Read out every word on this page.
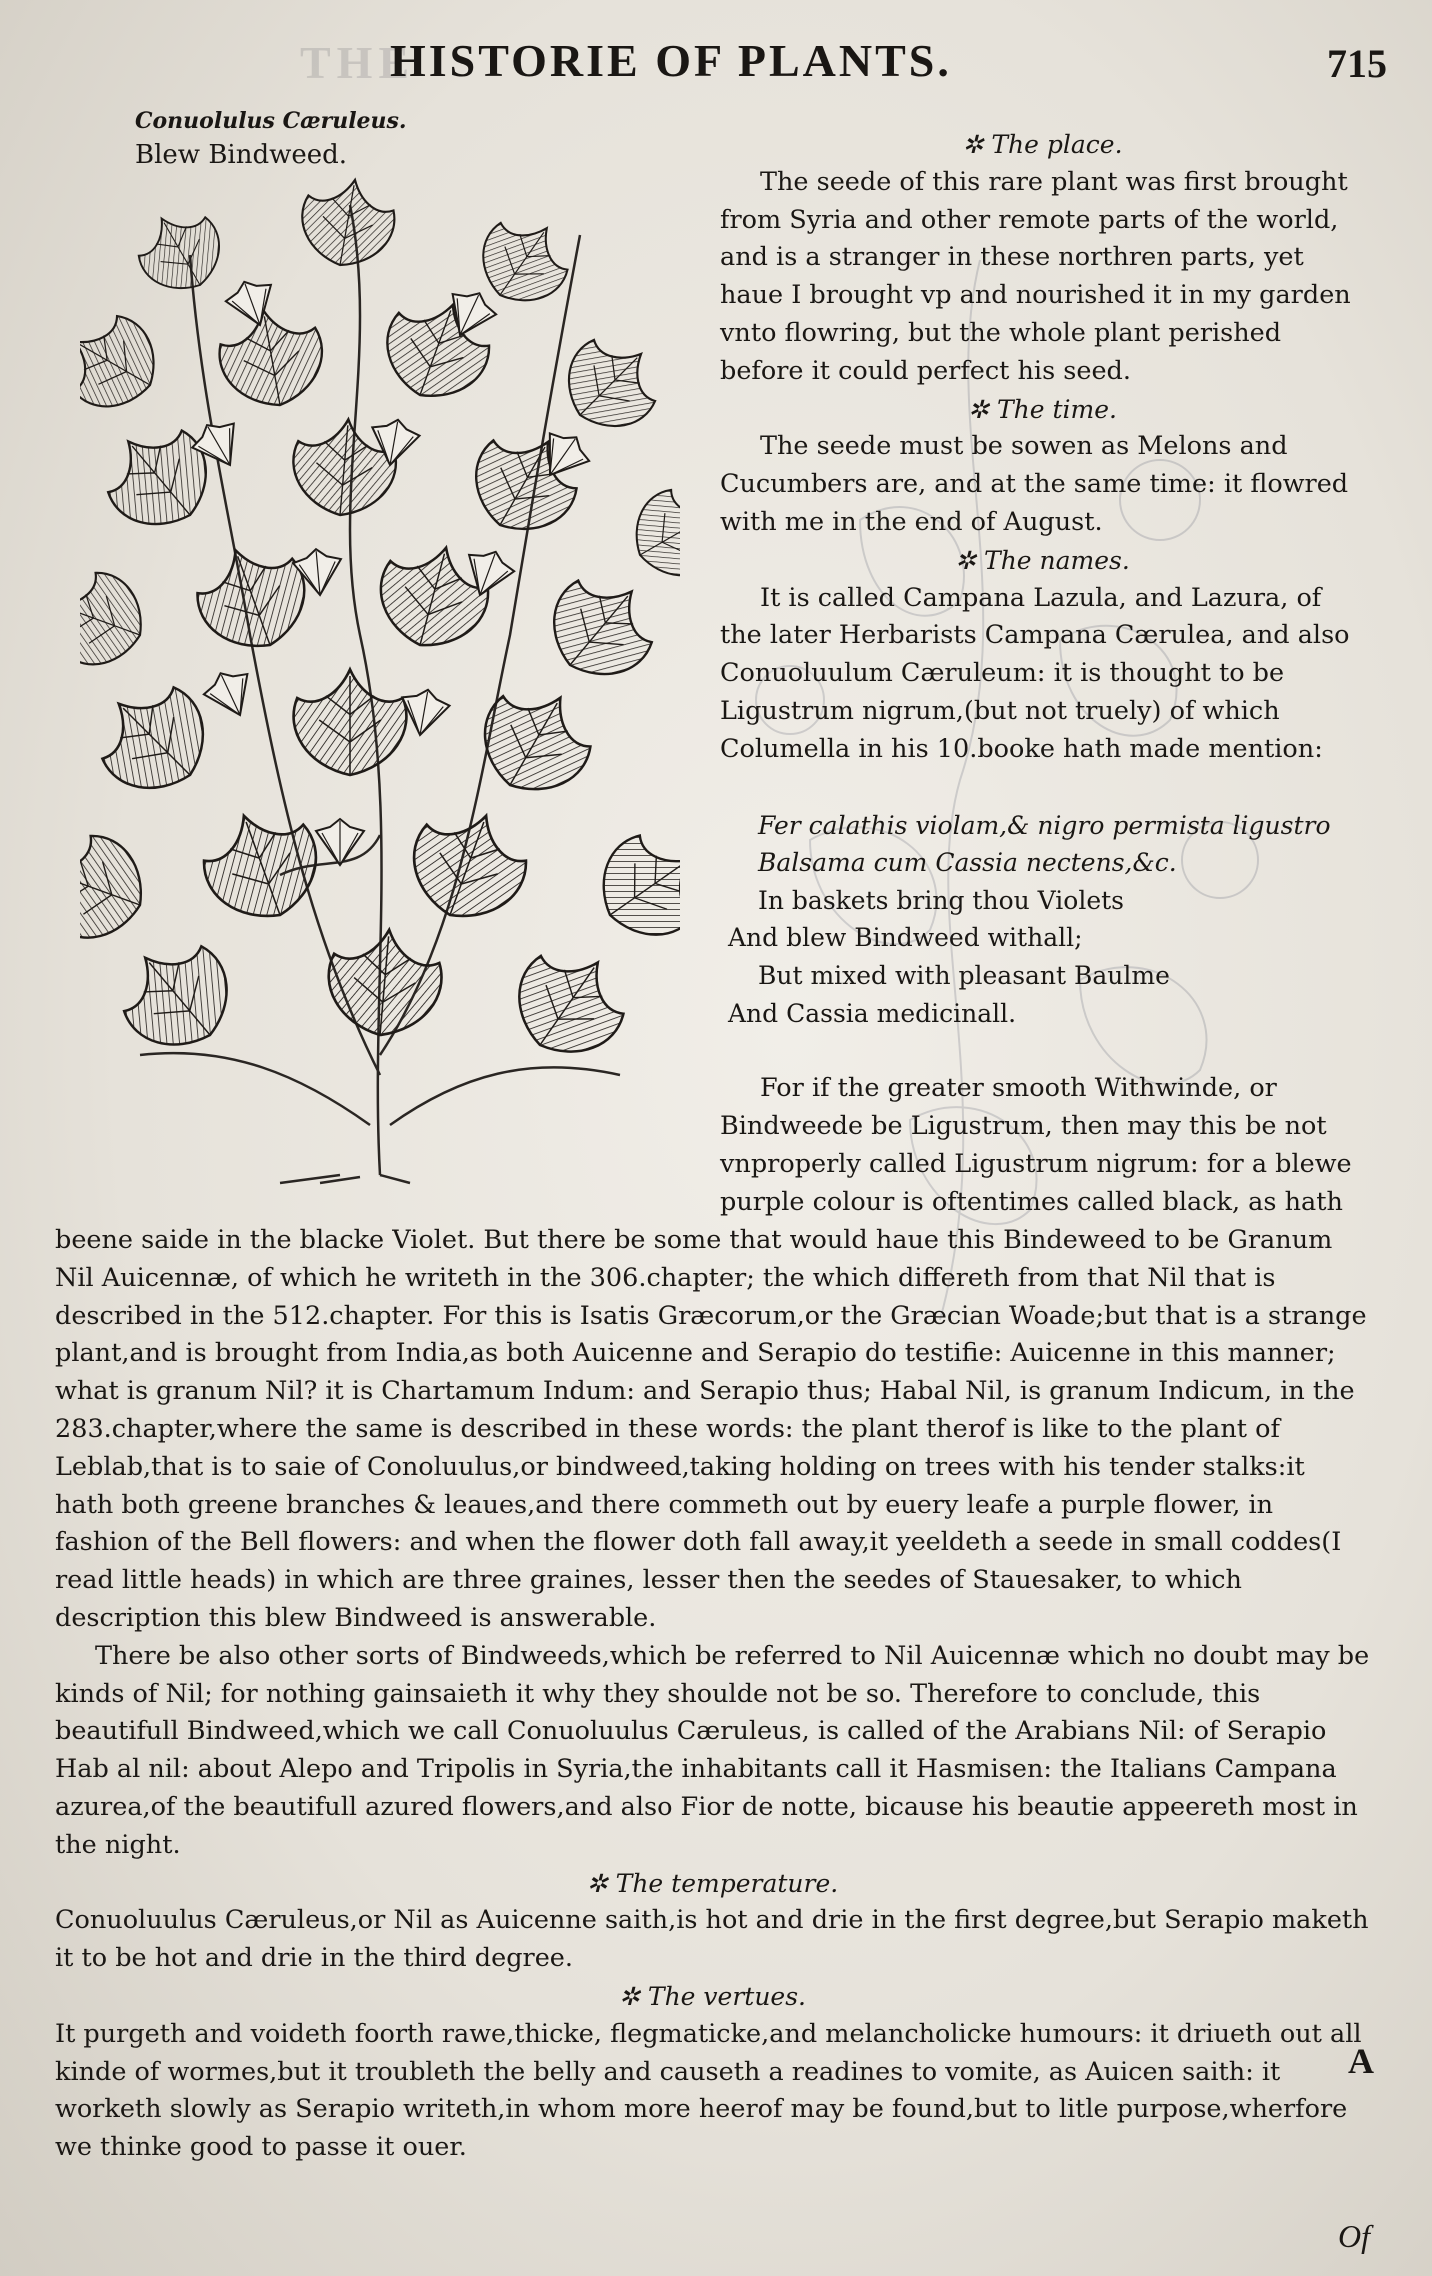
THE
HISTORIE OF PLANTS.	715
Conuolulus Cæruleus.
Blew Bindweed.	✲ The place.

The seede of this rare plant was first brought from Syria and other remote parts of the world, and is a stranger in these northren parts, yet haue I brought vp and nourished it in my garden vnto flowring, but the whole plant perished before it could perfect his seed.

✲ The time.

The seede must be sowen as Melons and Cucumbers are, and at the same time: it flowred with me in the end of August.

✲ The names.

It is called Campana Lazula, and Lazura, of the later Herbarists Campana Cærulea, and also Conuoluulum Cæruleum: it is thought to be Ligustrum nigrum,(but not truely) of which Columella in his 10.booke hath made mention:

Fer calathis violam,& nigro permista ligustro
Balsama cum Cassia nectens,&c.
In baskets bring thou Violets
And blew Bindweed withall;
But mixed with pleasant Baulme
And Cassia medicinall.

For if the greater smooth Withwinde, or Bindweede be Ligustrum, then may this be not vnproperly called Ligustrum nigrum: for a blewe purple colour is oftentimes called black, as hath

beene saide in the blacke Violet. But there be some that would haue this Bindeweed to be Granum Nil Auicennæ, of which he writeth in the 306.chapter; the which differeth from that Nil that is described in the 512.chapter. For this is Isatis Græcorum,or the Græcian Woade;but that is a strange plant,and is brought from India,as both Auicenne and Serapio do testifie: Auicenne in this manner; what is granum Nil? it is Chartamum Indum: and Serapio thus; Habal Nil, is granum Indicum, in the 283.chapter,where the same is described in these words: the plant therof is like to the plant of Leblab,that is to saie of Conoluulus,or bindweed,taking holding on trees with his tender stalks:it hath both greene branches & leaues,and there commeth out by euery leafe a purple flower, in fashion of the Bell flowers: and when the flower doth fall away,it yeeldeth a seede in small coddes(I read little heads) in which are three graines, lesser then the seedes of Stauesaker, to which description this blew Bindweed is answerable.

There be also other sorts of Bindweeds,which be referred to Nil Auicennæ which no doubt may be kinds of Nil; for nothing gainsaieth it why they shoulde not be so. Therefore to conclude, this beautifull Bindweed,which we call Conuoluulus Cæruleus, is called of the Arabians Nil: of Serapio Hab al nil: about Alepo and Tripolis in Syria,the inhabitants call it Hasmisen: the Italians Campana azurea,of the beautifull azured flowers,and also Fior de notte, bicause his beautie appeereth most in the night.

✲ The temperature.

Conuoluulus Cæruleus,or Nil as Auicenne saith,is hot and drie in the first degree,but Serapio maketh it to be hot and drie in the third degree.

✲ The vertues.

It purgeth and voideth foorth rawe,thicke, flegmaticke,and melancholicke humours: it driueth out all kinde of wormes,but it troubleth the belly and causeth a readines to vomite, as Auicen saith: it worketh slowly as Serapio writeth,in whom more heerof may be found,but to litle purpose,wherfore we thinke good to passe it ouer.

A
Of
